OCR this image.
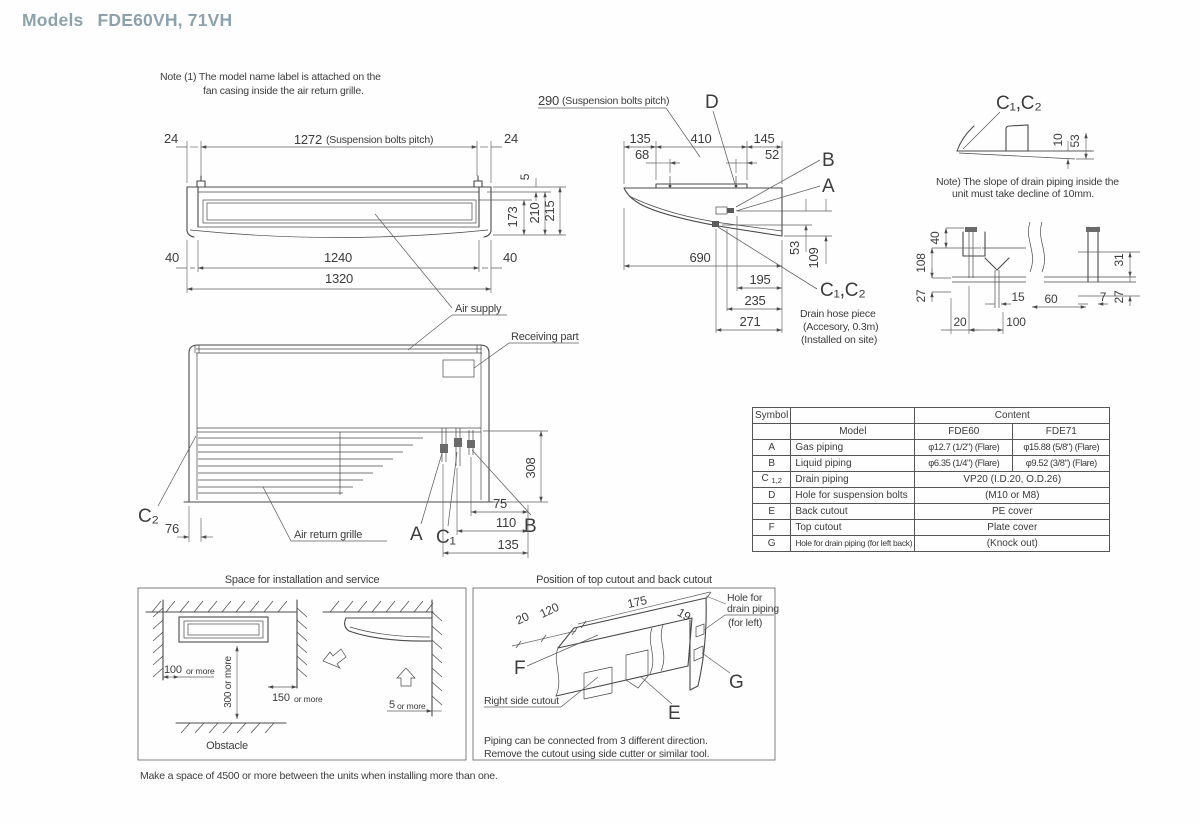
Models FDE60VH, 71VH
Note (1) The model name label is attached on the
fan casing inside the air return grille.
24	1272 (Suspension bolts pitch)	24
5
173 210 215
40	1240	40
1320
Air supply
Receiving part
Air return grille
C₂
A C₁
B
76
308
75
110
135
290 (Suspension bolts pitch) D
B
A
135	410	145
68	52
53 109
690
195
235
271
C₁,C₂
Drain hose piece
(Accesory, 0.3m)
(Installed on site)
C₁,C₂
10 53
Note) The slope of drain piping inside the
unit must take decline of 10mm.
40
108
27
20
15
100
60	7
31
27
Space for installation and service
100 or more 300 or more	150 or more
Obstacle
5 or more
Make a space of 4500 or more between the units when installing more than one.
Position of top cutout and back cutout
20 120	175
19
F
E
G
Right side cutout
Hole for
drain piping
(for left)
Piping can be connected from 3 different direction.
Remove the cutout using side cutter or similar tool.
Symbol		Content	
	Model	FDE60	FDE71
A	Gas piping	φ12.7 (1/2") (Flare)	φ15.88 (5/8") (Flare)
B	Liquid piping	φ6.35 (1/4") (Flare)	φ9.52 (3/8") (Flare)
C $_{1,2}$	Drain piping	VP20 (I.D.20, O.D.26)	
D	Hole for suspension bolts	(M10 or M8)	
E	Back cutout	PE cover	
F	Top cutout	Plate cover	
G	Hole for drain piping (for left back)	(Knock out)	
